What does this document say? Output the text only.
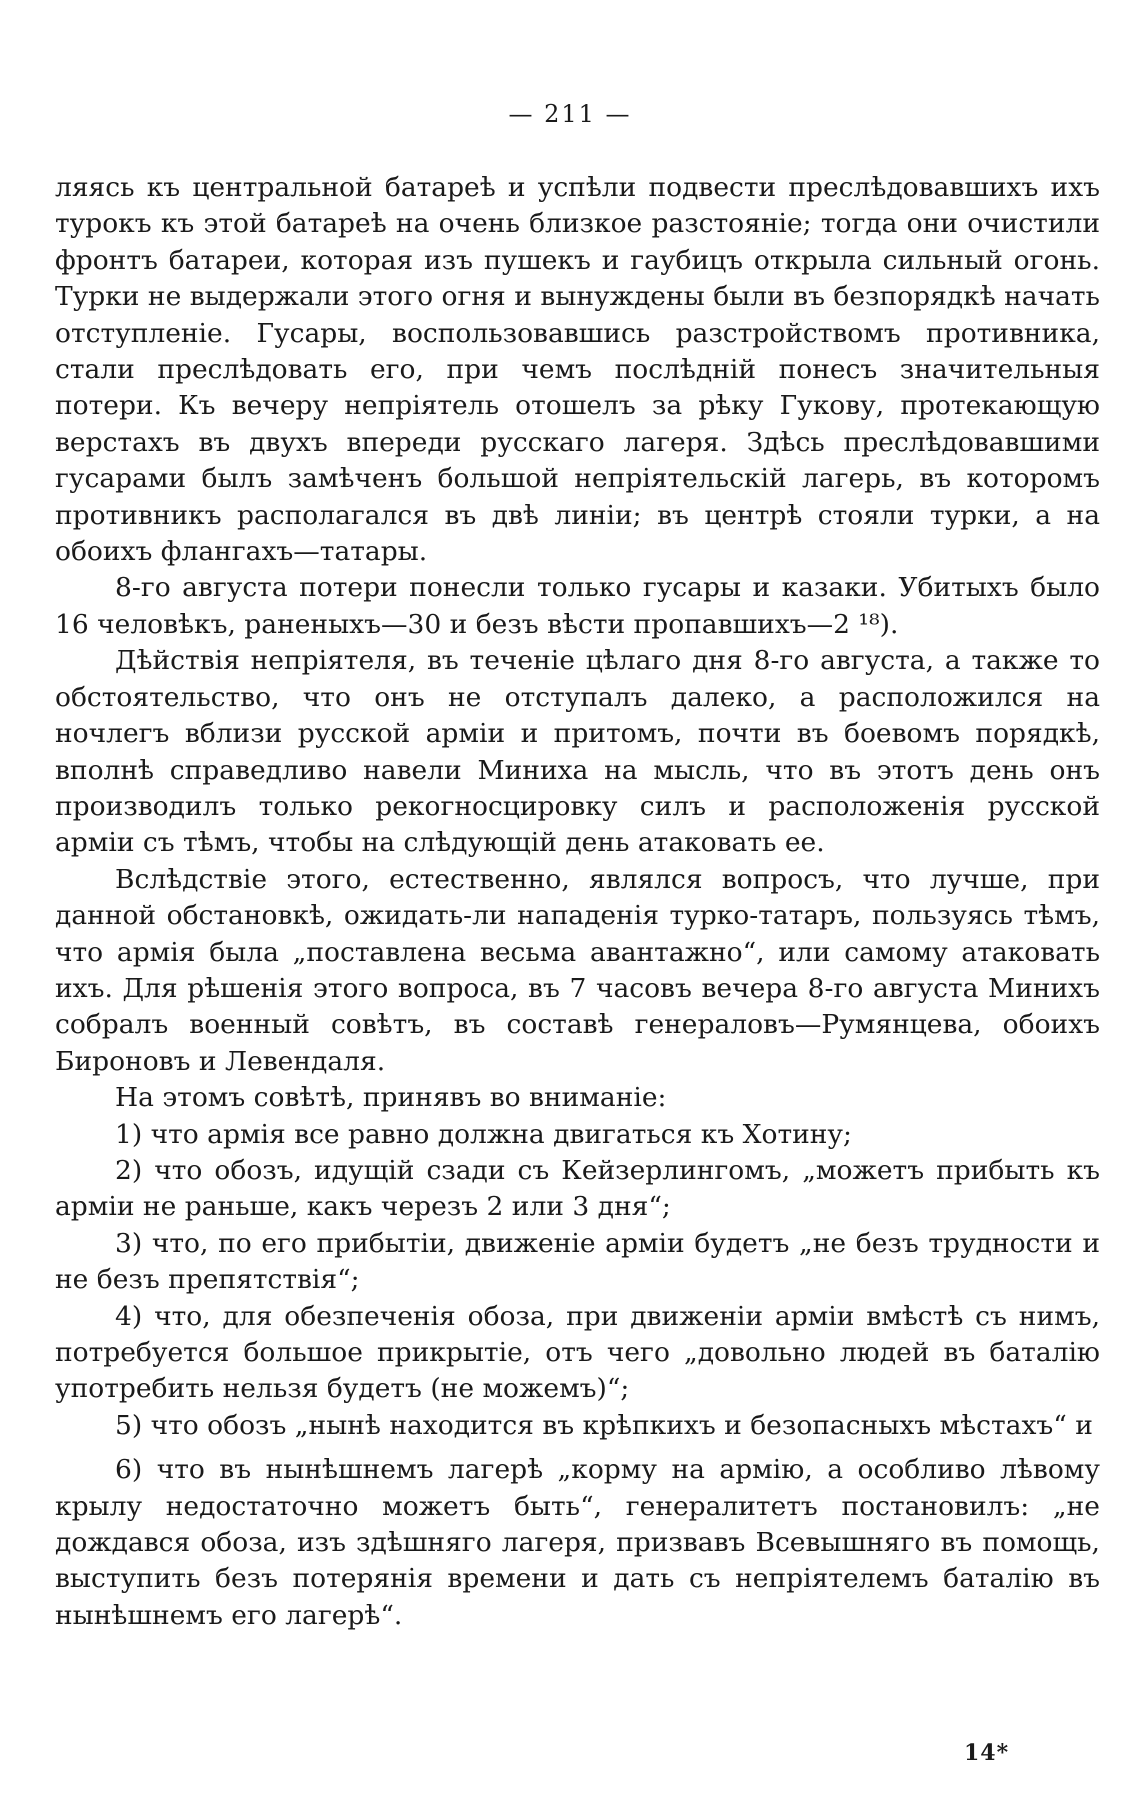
— 211 —

ляясь къ центральной батареѣ и успѣли подвести преслѣдовавшихъ ихъ турокъ къ этой батареѣ на очень близкое разстояніе; тогда они очистили фронтъ батареи, которая изъ пушекъ и гаубицъ открыла сильный огонь. Турки не выдержали этого огня и вынуждены были въ безпорядкѣ начать отступленіе. Гусары, воспользовавшись разстройствомъ противника, стали преслѣдовать его, при чемъ послѣдній понесъ значительныя потери. Къ вечеру непріятель отошелъ за рѣку Гукову, протекающую верстахъ въ двухъ впереди русскаго лагеря. Здѣсь преслѣдовавшими гусарами былъ замѣченъ большой непріятельскій лагерь, въ которомъ противникъ располагался въ двѣ линіи; въ центрѣ стояли турки, а на обоихъ флангахъ—татары.

8-го августа потери понесли только гусары и казаки. Убитыхъ было 16 человѣкъ, раненыхъ—30 и безъ вѣсти пропавшихъ—2 ¹⁸).

Дѣйствія непріятеля, въ теченіе цѣлаго дня 8-го августа, а также то обстоятельство, что онъ не отступалъ далеко, а расположился на ночлегъ вблизи русской арміи и притомъ, почти въ боевомъ порядкѣ, вполнѣ справедливо навели Миниха на мысль, что въ этотъ день онъ производилъ только рекогносцировку силъ и расположенія русской арміи съ тѣмъ, чтобы на слѣдующій день атаковать ее.

Вслѣдствіе этого, естественно, являлся вопросъ, что лучше, при данной обстановкѣ, ожидать-ли нападенія турко-татаръ, пользуясь тѣмъ, что армія была „поставлена весьма авантажно“, или самому атаковать ихъ. Для рѣшенія этого вопроса, въ 7 часовъ вечера 8-го августа Минихъ собралъ военный совѣтъ, въ составѣ генераловъ—Румянцева, обоихъ Бироновъ и Левендаля.

На этомъ совѣтѣ, принявъ во вниманіе:

1) что армія все равно должна двигаться къ Хотину;

2) что обозъ, идущій сзади съ Кейзерлингомъ, „можетъ прибыть къ арміи не раньше, какъ черезъ 2 или 3 дня“;

3) что, по его прибытіи, движеніе арміи будетъ „не безъ трудности и не безъ препятствія“;

4) что, для обезпеченія обоза, при движеніи арміи вмѣстѣ съ нимъ, потребуется большое прикрытіе, отъ чего „довольно людей въ баталію употребить нельзя будетъ (не можемъ)“;

5) что обозъ „нынѣ находится въ крѣпкихъ и безопасныхъ мѣстахъ“ и

6) что въ нынѣшнемъ лагерѣ „корму на армію, а особливо лѣвому крылу недостаточно можетъ быть“, генералитетъ постановилъ: „не дождався обоза, изъ здѣшняго лагеря, призвавъ Всевышняго въ помощь, выступить безъ потерянія времени и дать съ непріятелемъ баталію въ нынѣшнемъ его лагерѣ“.

14*
